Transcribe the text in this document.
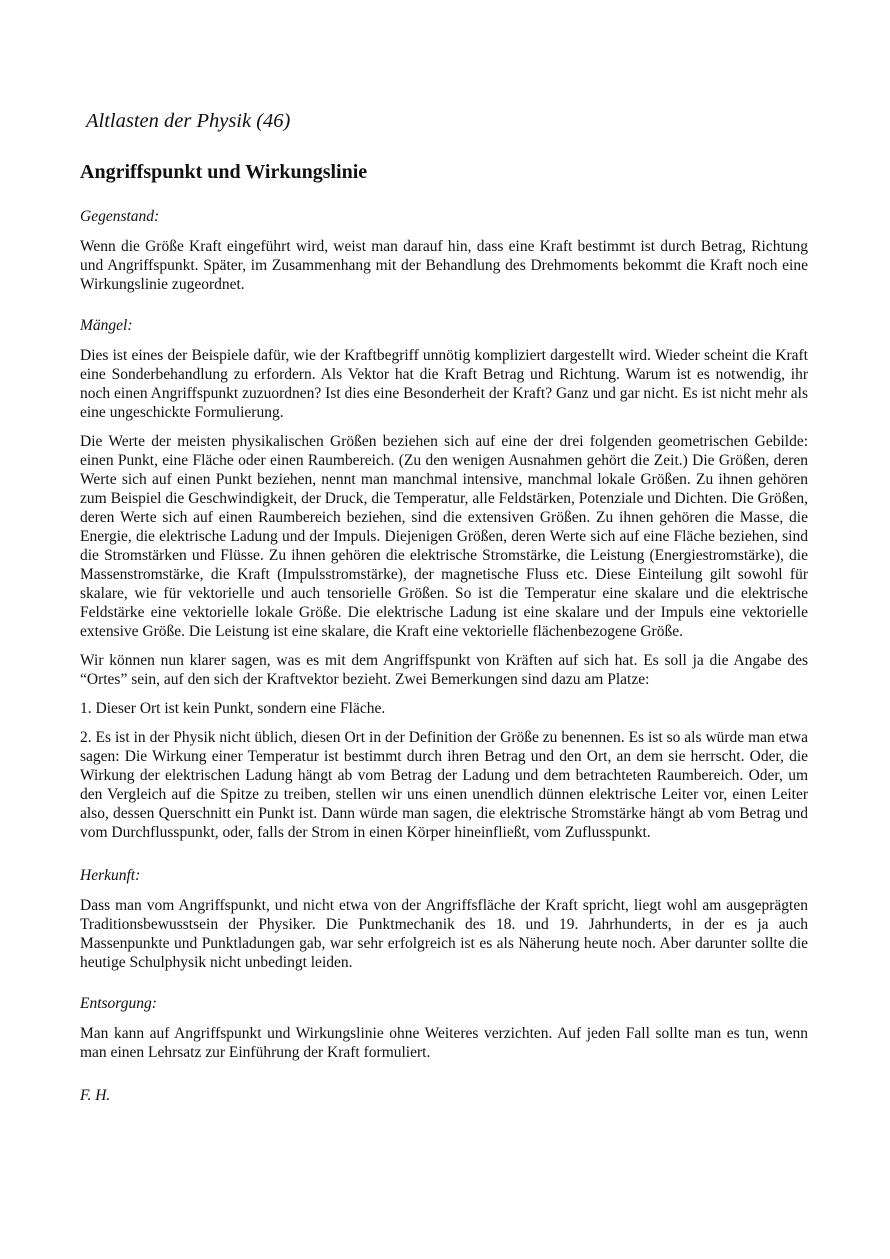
Altlasten der Physik (46)
Angriffspunkt und Wirkungslinie

Gegenstand:

Wenn die Größe Kraft eingeführt wird, weist man darauf hin, dass eine Kraft bestimmt ist durch Betrag, Richtung und Angriffspunkt. Später, im Zusammenhang mit der Behandlung des Drehmoments bekommt die Kraft noch eine Wirkungslinie zugeordnet.

Mängel:

Dies ist eines der Beispiele dafür, wie der Kraftbegriff unnötig kompliziert dargestellt wird. Wieder scheint die Kraft eine Sonderbehandlung zu erfordern. Als Vektor hat die Kraft Betrag und Richtung. Warum ist es notwendig, ihr noch einen Angriffspunkt zuzuordnen? Ist dies eine Besonderheit der Kraft? Ganz und gar nicht. Es ist nicht mehr als eine ungeschickte Formulierung.

Die Werte der meisten physikalischen Größen beziehen sich auf eine der drei folgenden geometrischen Gebilde: einen Punkt, eine Fläche oder einen Raumbereich. (Zu den wenigen Ausnahmen gehört die Zeit.) Die Größen, deren Werte sich auf einen Punkt beziehen, nennt man manchmal intensive, manchmal lokale Größen. Zu ihnen gehören zum Beispiel die Geschwindigkeit, der Druck, die Temperatur, alle Feldstärken, Potenziale und Dichten. Die Größen, deren Werte sich auf einen Raumbereich beziehen, sind die extensiven Größen. Zu ihnen gehören die Masse, die Energie, die elektrische Ladung und der Impuls. Diejenigen Größen, deren Werte sich auf eine Fläche beziehen, sind die Stromstärken und Flüsse. Zu ihnen gehören die elektrische Stromstärke, die Leistung (Energiestromstärke), die Massenstromstärke, die Kraft (Impulsstromstärke), der magnetische Fluss etc. Diese Einteilung gilt sowohl für skalare, wie für vektorielle und auch tensorielle Größen. So ist die Temperatur eine skalare und die elektrische Feldstärke eine vektorielle lokale Größe. Die elektrische Ladung ist eine skalare und der Impuls eine vektorielle extensive Größe. Die Leistung ist eine skalare, die Kraft eine vektorielle flächenbezogene Größe.

Wir können nun klarer sagen, was es mit dem Angriffspunkt von Kräften auf sich hat. Es soll ja die Angabe des “Ortes” sein, auf den sich der Kraftvektor bezieht. Zwei Bemerkungen sind dazu am Platze:

1. Dieser Ort ist kein Punkt, sondern eine Fläche.

2. Es ist in der Physik nicht üblich, diesen Ort in der Definition der Größe zu benennen. Es ist so als würde man etwa sagen: Die Wirkung einer Temperatur ist bestimmt durch ihren Betrag und den Ort, an dem sie herrscht. Oder, die Wirkung der elektrischen Ladung hängt ab vom Betrag der Ladung und dem betrachteten Raumbereich. Oder, um den Vergleich auf die Spitze zu treiben, stellen wir uns einen unendlich dünnen elektrische Leiter vor, einen Leiter also, dessen Querschnitt ein Punkt ist. Dann würde man sagen, die elektrische Stromstärke hängt ab vom Betrag und vom Durchflusspunkt, oder, falls der Strom in einen Körper hineinfließt, vom Zuflusspunkt.

Herkunft:

Dass man vom Angriffspunkt, und nicht etwa von der Angriffsfläche der Kraft spricht, liegt wohl am ausgeprägten Traditionsbewusstsein der Physiker. Die Punktmechanik des 18. und 19. Jahrhunderts, in der es ja auch Massenpunkte und Punktladungen gab, war sehr erfolgreich ist es als Näherung heute noch. Aber darunter sollte die heutige Schulphysik nicht unbedingt leiden.

Entsorgung:

Man kann auf Angriffspunkt und Wirkungslinie ohne Weiteres verzichten. Auf jeden Fall sollte man es tun, wenn man einen Lehrsatz zur Einführung der Kraft formuliert.

F. H.
